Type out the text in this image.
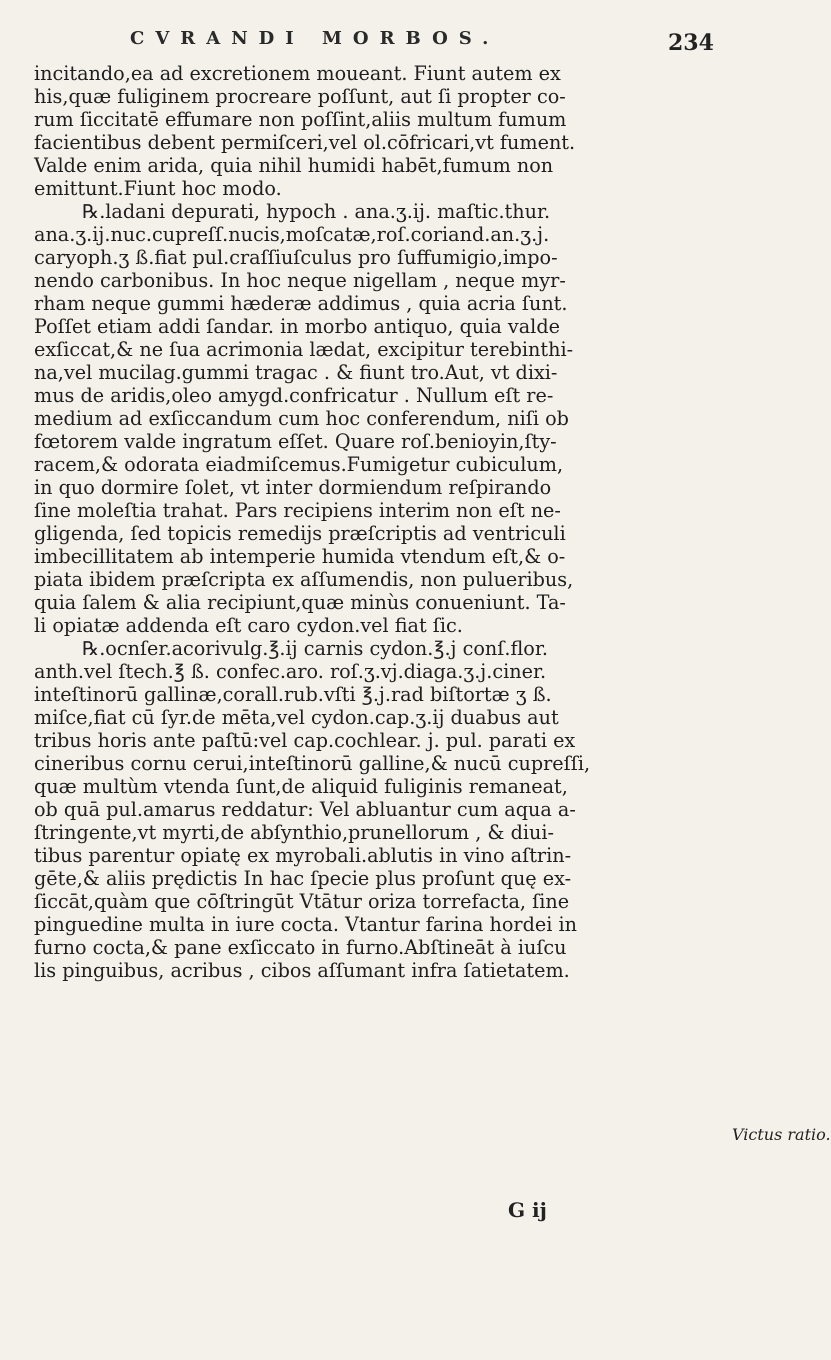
CVRANDI MORBOS.	234
incitando,ea ad excretionem moueant. Fiunt autem ex
his,quæ fuliginem procreare poſſunt, aut ſi propter co-
rum ſiccitatē effumare non poſſint,aliis multum fumum
facientibus debent permiſceri,vel ol.cōfricari,vt fument.
Valde enim arida, quia nihil humidi habēt,fumum non
emittunt.Fiunt hoc modo.
℞.ladani depurati, hypoch . ana.ʒ.ij. maſtic.thur.
ana.ʒ.ij.nuc.cupreſſ.nucis,moſcatæ,roſ.coriand.an.ʒ.j.
caryoph.ʒ ß.fiat pul.craſſiuſculus pro ſuffumigio,impo-
nendo carbonibus. In hoc neque nigellam , neque myr-
rham neque gummi hæderæ addimus , quia acria ſunt.
Poſſet etiam addi ſandar. in morbo antiquo, quia valde
exſiccat,& ne ſua acrimonia lædat, excipitur terebinthi-
na,vel mucilag.gummi tragac . & fiunt tro.Aut, vt dixi-
mus de aridis,oleo amygd.confricatur . Nullum eſt re-
medium ad exſiccandum cum hoc conferendum, niſi ob
fœtorem valde ingratum eſſet. Quare roſ.benioуin,ſty-
racem,& odorata eiadmiſcemus.Fumigetur cubiculum,
in quo dormire ſolet, vt inter dormiendum reſpirando
ſine moleſtia trahat. Pars recipiens interim non eſt ne-
gligenda, ſed topicis remedijs præſcriptis ad ventriculi
imbecillitatem ab intemperie humida vtendum eſt,& o-
piata ibidem præſcripta ex aſſumendis, non pulueribus,
quia ſalem & alia recipiunt,quæ minùs conueniunt. Ta-
li opiatæ addenda eſt caro cydon.vel fiat ſic.
℞.ocnſer.acorivulg.℥.ij carnis cydon.℥.j conſ.flor.
anth.vel ſtech.℥ ß. confec.aro. roſ.ʒ.vj.diaga.ʒ.j.ciner.
inteſtinorū gallinæ,corall.rub.vſti ℥.j.rad biſtortæ ʒ ß.
miſce,fiat cū ſyr.de mēta,vel cydon.cap.ʒ.ij duabus aut
tribus horis ante paſtū:vel cap.cochlear. j. pul. parati ex
cineribus cornu cerui,inteſtinorū galline,& nucū cupreſſi,
quæ multùm vtenda ſunt,de aliquid fuliginis remaneat,
ob quā pul.amarus reddatur: Vel abluantur cum aqua a-
ſtringente,vt myrti,de abſynthio,prunellorum , & diui-
tibus parentur opiatę ex myrobali.ablutis in vino aſtrin-
gēte,& aliis prędictis In hac ſpecie plus proſunt quę ex-
ſiccāt,quàm que cōſtringūt Vtātur oriza torrefacta, ſine
pinguedine multa in iure cocta. Vtantur farina hordei in
furno cocta,& pane exſiccato in furno.Abſtineāt à iuſcu
lis pinguibus, acribus , cibos aſſumant infra ſatietatem.
Victus ratio.
G ij
